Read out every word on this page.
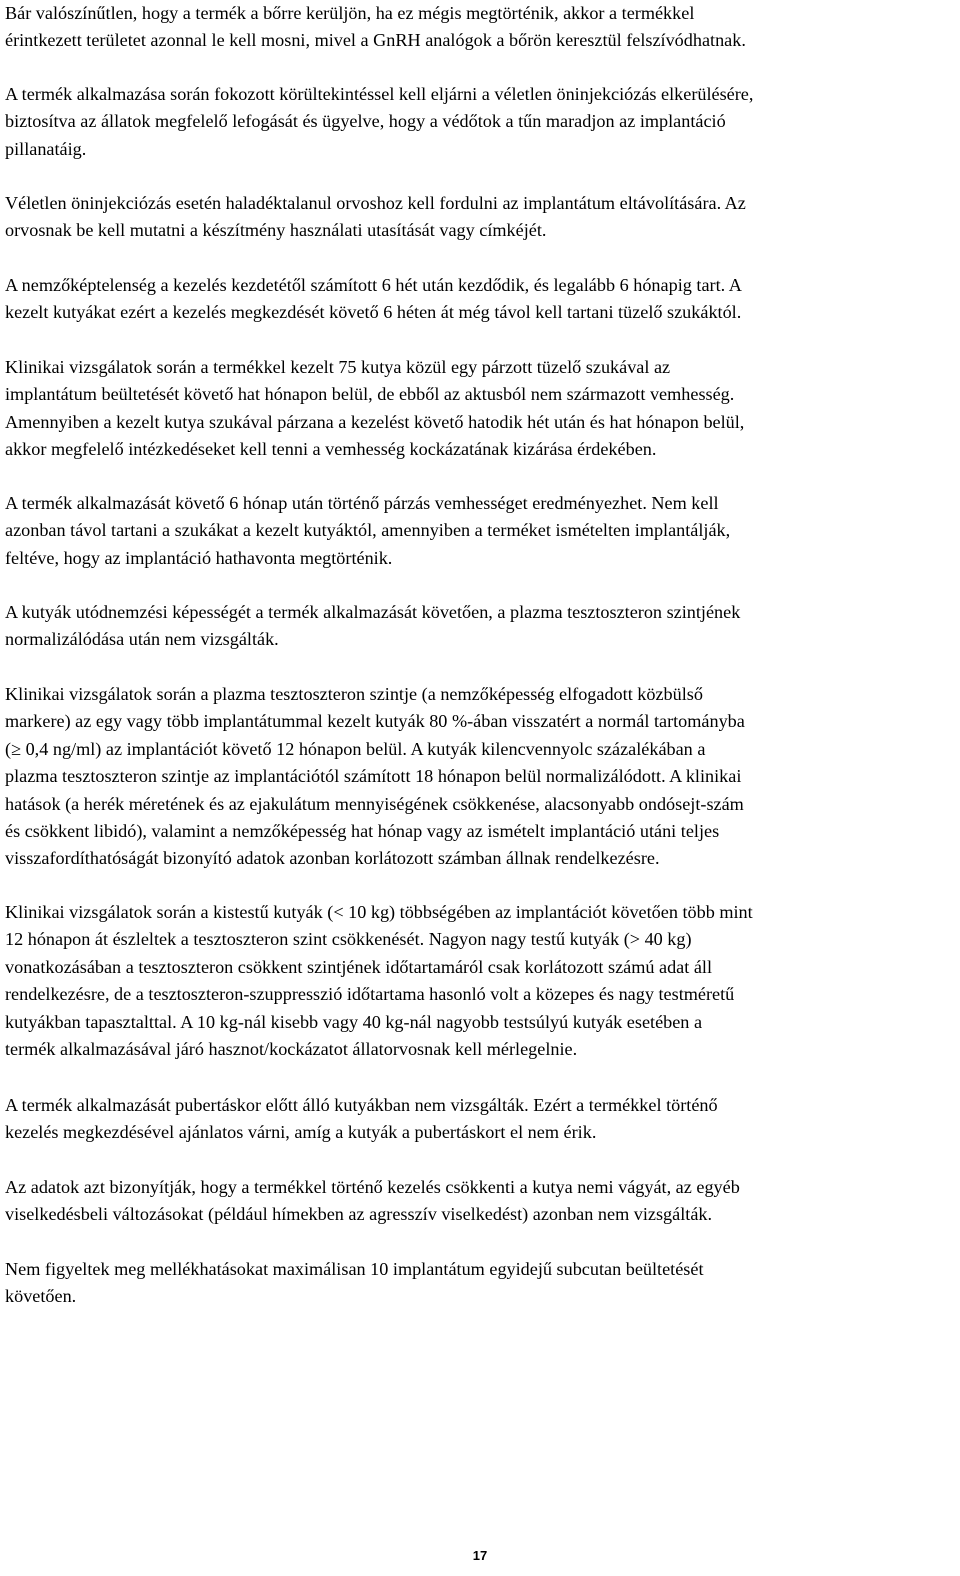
Bár valószínűtlen, hogy a termék a bőrre kerüljön, ha ez mégis megtörténik, akkor a termékkel
érintkezett területet azonnal le kell mosni, mivel a GnRH analógok a bőrön keresztül felszívódhatnak.

A termék alkalmazása során fokozott körültekintéssel kell eljárni a véletlen öninjekciózás elkerülésére,
biztosítva az állatok megfelelő lefogását és ügyelve, hogy a védőtok a tűn maradjon az implantáció
pillanatáig.

Véletlen öninjekciózás esetén haladéktalanul orvoshoz kell fordulni az implantátum eltávolítására. Az
orvosnak be kell mutatni a készítmény használati utasítását vagy címkéjét.

A nemzőképtelenség a kezelés kezdetétől számított 6 hét után kezdődik, és legalább 6 hónapig tart. A
kezelt kutyákat ezért a kezelés megkezdését követő 6 héten át még távol kell tartani tüzelő szukáktól.

Klinikai vizsgálatok során a termékkel kezelt 75 kutya közül egy párzott tüzelő szukával az
implantátum beültetését követő hat hónapon belül, de ebből az aktusból nem származott vemhesség.
Amennyiben a kezelt kutya szukával párzana a kezelést követő hatodik hét után és hat hónapon belül,
akkor megfelelő intézkedéseket kell tenni a vemhesség kockázatának kizárása érdekében.

A termék alkalmazását követő 6 hónap után történő párzás vemhességet eredményezhet. Nem kell
azonban távol tartani a szukákat a kezelt kutyáktól, amennyiben a terméket ismételten implantálják,
feltéve, hogy az implantáció hathavonta megtörténik.

A kutyák utódnemzési képességét a termék alkalmazását követően, a plazma tesztoszteron szintjének
normalizálódása után nem vizsgálták.

Klinikai vizsgálatok során a plazma tesztoszteron szintje (a nemzőképesség elfogadott közbülső
markere) az egy vagy több implantátummal kezelt kutyák 80 %-ában visszatért a normál tartományba
(≥ 0,4 ng/ml) az implantációt követő 12 hónapon belül. A kutyák kilencvennyolc százalékában a
plazma tesztoszteron szintje az implantációtól számított 18 hónapon belül normalizálódott. A klinikai
hatások (a herék méretének és az ejakulátum mennyiségének csökkenése, alacsonyabb ondósejt-szám
és csökkent libidó), valamint a nemzőképesség hat hónap vagy az ismételt implantáció utáni teljes
visszafordíthatóságát bizonyító adatok azonban korlátozott számban állnak rendelkezésre.

Klinikai vizsgálatok során a kistestű kutyák (< 10 kg) többségében az implantációt követően több mint
12 hónapon át észleltek a tesztoszteron szint csökkenését. Nagyon nagy testű kutyák (> 40 kg)
vonatkozásában a tesztoszteron csökkent szintjének időtartamáról csak korlátozott számú adat áll
rendelkezésre, de a tesztoszteron-szuppresszió időtartama hasonló volt a közepes és nagy testméretű
kutyákban tapasztalttal. A 10 kg-nál kisebb vagy 40 kg-nál nagyobb testsúlyú kutyák esetében a
termék alkalmazásával járó hasznot/kockázatot állatorvosnak kell mérlegelnie.

A termék alkalmazását pubertáskor előtt álló kutyákban nem vizsgálták. Ezért a termékkel történő
kezelés megkezdésével ajánlatos várni, amíg a kutyák a pubertáskort el nem érik.

Az adatok azt bizonyítják, hogy a termékkel történő kezelés csökkenti a kutya nemi vágyát, az egyéb
viselkedésbeli változásokat (például hímekben az agresszív viselkedést) azonban nem vizsgálták.

Nem figyeltek meg mellékhatásokat maximálisan 10 implantátum egyidejű subcutan beültetését
követően.

17
